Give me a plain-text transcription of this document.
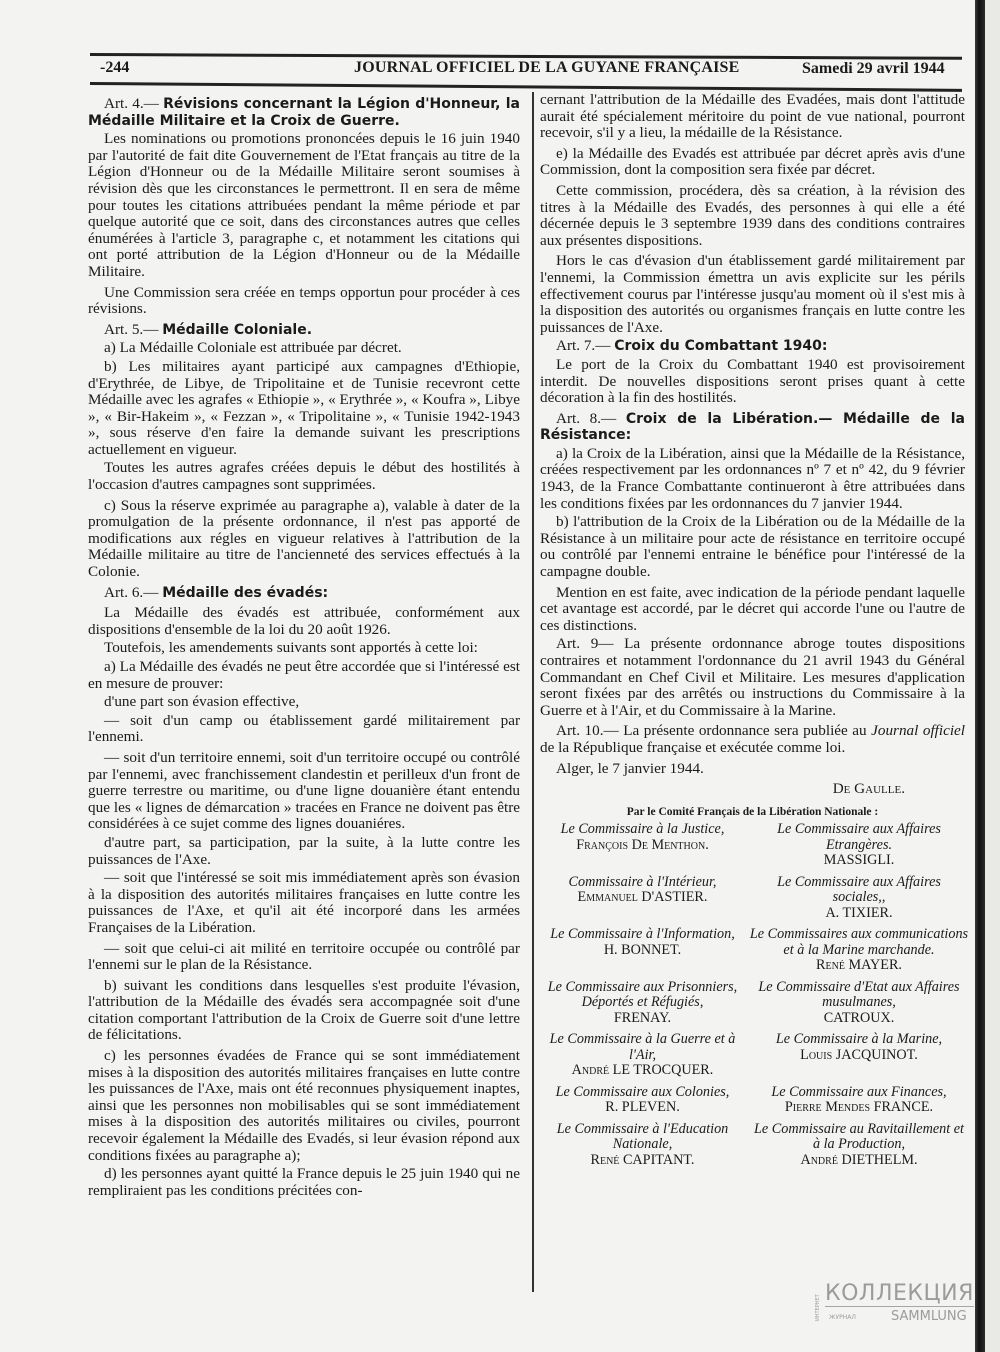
-244	JOURNAL OFFICIEL DE LA GUYANE FRANÇAISE	Samedi 29 avril 1944

Art. 4.— Révisions concernant la Légion d'Honneur, la Médaille Militaire et la Croix de Guerre.

Les nominations ou promotions prononcées depuis le 16 juin 1940 par l'autorité de fait dite Gouvernement de l'Etat français au titre de la Légion d'Honneur ou de la Médaille Militaire seront soumises à révision dès que les circonstances le permettront. Il en sera de même pour toutes les citations attribuées pendant la même période et par quelque autorité que ce soit, dans des circonstances autres que celles énumérées à l'article 3, paragraphe c, et notamment les citations qui ont porté attribution de la Légion d'Honneur ou de la Médaille Militaire.

Une Commission sera créée en temps opportun pour procéder à ces révisions.

Art. 5.— Médaille Coloniale.

a) La Médaille Coloniale est attribuée par décret.

b) Les militaires ayant participé aux campagnes d'Ethiopie, d'Erythrée, de Libye, de Tripolitaine et de Tunisie recevront cette Médaille avec les agrafes « Ethiopie », « Erythrée », « Koufra », Libye », « Bir-Hakeim », « Fezzan », « Tripolitaine », « Tunisie 1942-1943 », sous réserve d'en faire la demande suivant les prescriptions actuellement en vigueur.

Toutes les autres agrafes créées depuis le début des hostilités à l'occasion d'autres campagnes sont supprimées.

c) Sous la réserve exprimée au paragraphe a), valable à dater de la promulgation de la présente ordonnance, il n'est pas apporté de modifications aux régles en vigueur relatives à l'attribution de la Médaille militaire au titre de l'ancienneté des services effectués à la Colonie.

Art. 6.— Médaille des évadés:

La Médaille des évadés est attribuée, conformément aux dispositions d'ensemble de la loi du 20 août 1926.

Toutefois, les amendements suivants sont apportés à cette loi:

a) La Médaille des évadés ne peut être accordée que si l'intéressé est en mesure de prouver:

d'une part son évasion effective,

— soit d'un camp ou établissement gardé militairement par l'ennemi.

— soit d'un territoire ennemi, soit d'un territoire occupé ou contrôlé par l'ennemi, avec franchissement clandestin et perilleux d'un front de guerre terrestre ou maritime, ou d'une ligne douanière étant entendu que les « lignes de démarcation » tracées en France ne doivent pas être considérées à ce sujet comme des lignes douaniéres.

d'autre part, sa participation, par la suite, à la lutte contre les puissances de l'Axe.

— soit que l'intéressé se soit mis immédiatement après son évasion à la disposition des autorités militaires françaises en lutte contre les puissances de l'Axe, et qu'il ait été incorporé dans les armées Françaises de la Libération.

— soit que celui-ci ait milité en territoire occupée ou contrôlé par l'ennemi sur le plan de la Résistance.

b) suivant les conditions dans lesquelles s'est produite l'évasion, l'attribution de la Médaille des évadés sera accompagnée soit d'une citation comportant l'attribution de la Croix de Guerre soit d'une lettre de félicitations.

c) les personnes évadées de France qui se sont immédiatement mises à la disposition des autorités militaires françaises en lutte contre les puissances de l'Axe, mais ont été reconnues physiquement inaptes, ainsi que les personnes non mobilisables qui se sont immédiatement mises à la disposition des autorités militaires ou civiles, pourront recevoir également la Médaille des Evadés, si leur évasion répond aux conditions fixées au paragraphe a);

d) les personnes ayant quitté la France depuis le 25 juin 1940 qui ne rempliraient pas les conditions précitées con-

cernant l'attribution de la Médaille des Evadées, mais dont l'attitude aurait été spécialement méritoire du point de vue national, pourront recevoir, s'il y a lieu, la médaille de la Résistance.

e) la Médaille des Evadés est attribuée par décret après avis d'une Commission, dont la composition sera fixée par décret.

Cette commission, procédera, dès sa création, à la révision des titres à la Médaille des Evadés, des personnes à qui elle a été décernée depuis le 3 septembre 1939 dans des conditions contraires aux présentes dispositions.

Hors le cas d'évasion d'un établissement gardé militairement par l'ennemi, la Commission émettra un avis explicite sur les périls effectivement courus par l'intéresse jusqu'au moment où il s'est mis à la disposition des autorités ou organismes français en lutte contre les puissances de l'Axe.

Art. 7.— Croix du Combattant 1940:

Le port de la Croix du Combattant 1940 est provisoirement interdit. De nouvelles dispositions seront prises quant à cette décoration à la fin des hostilités.

Art. 8.— Croix de la Libération.— Médaille de la Résistance:

a) la Croix de la Libération, ainsi que la Médaille de la Résistance, créées respectivement par les ordonnances nº 7 et nº 42, du 9 février 1943, de la France Combattante continueront à être attribuées dans les conditions fixées par les ordonnances du 7 janvier 1944.

b) l'attribution de la Croix de la Libération ou de la Médaille de la Résistance à un militaire pour acte de résistance en territoire occupé ou contrôlé par l'ennemi entraine le bénéfice pour l'intéressé de la campagne double.

Mention en est faite, avec indication de la période pendant laquelle cet avantage est accordé, par le décret qui accorde l'une ou l'autre de ces distinctions.

Art. 9— La présente ordonnance abroge toutes dispositions contraires et notamment l'ordonnance du 21 avril 1943 du Général Commandant en Chef Civil et Militaire. Les mesures d'application seront fixées par des arrêtés ou instructions du Commissaire à la Guerre et à l'Air, et du Commissaire à la Marine.

Art. 10.— La présente ordonnance sera publiée au Journal officiel de la République française et exécutée comme loi.

Alger, le 7 janvier 1944.

De Gaulle.
Par le Comité Français de la Libération Nationale :
Le Commissaire à la Justice,
François De Menthon.
Le Commissaire aux Affaires Etrangères.
MASSIGLI.
Commissaire à l'Intérieur,
Emmanuel D'ASTIER.
Le Commissaire aux Affaires sociales,,
A. TIXIER.
Le Commissaire à l'Information,
H. BONNET.
Le Commissaires aux communications et à la Marine marchande.
René MAYER.
Le Commissaire aux Prisonniers, Déportés et Réfugiés,
FRENAY.
Le Commissaire d'Etat aux Affaires musulmanes,
CATROUX.
Le Commissaire à la Guerre et à l'Air,
André LE TROCQUER.
Le Commissaire à la Marine,
Louis JACQUINOT.
Le Commissaire aux Colonies,
R. PLEVEN.
Le Commissaire aux Finances,
Pierre Mendes FRANCE.
Le Commissaire à l'Education Nationale,
René CAPITANT.
Le Commissaire au Ravitaillement et à la Production,
André DIETHELM.
ИНТЕРНЕТ
КОЛЛЕКЦИЯ
ЖУРНАЛ	SAMMLUNG
